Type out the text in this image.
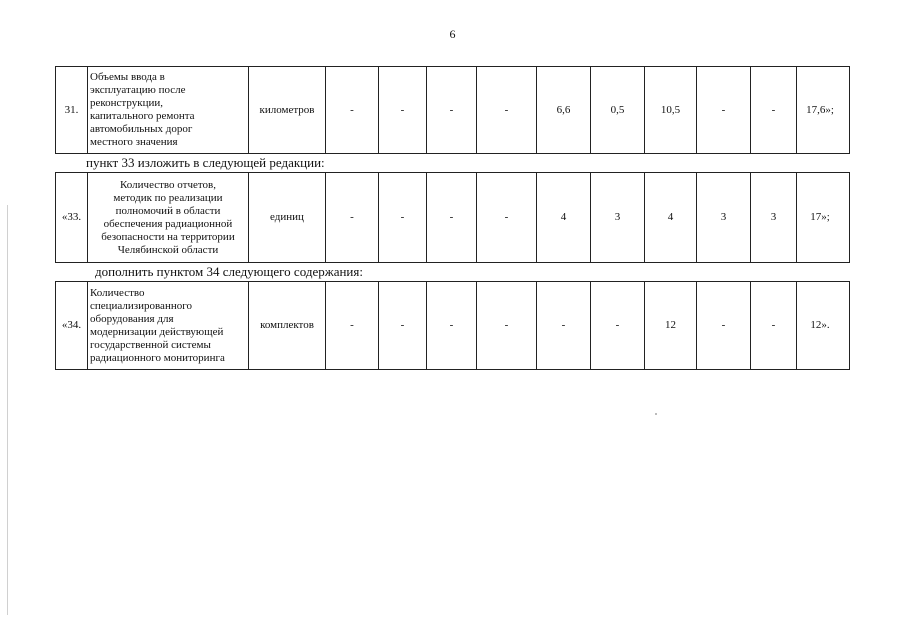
6
31.	Объемы ввода в
эксплуатацию после
реконструкции,
капитального ремонта
автомобильных дорог
местного значения	километров	-	-	-	-	6,6	0,5	10,5	-	-	17,6»;
пункт 33 изложить в следующей редакции:
«33.	Количество отчетов,
методик по реализации
полномочий в области
обеспечения радиационной
безопасности на территории
Челябинской области	единиц	-	-	-	-	4	3	4	3	3	17»;
дополнить пунктом 34 следующего содержания:
«34.	Количество
специализированного
оборудования для
модернизации действующей
государственной системы
радиационного мониторинга	комплектов	-	-	-	-	-	-	12	-	-	12».
